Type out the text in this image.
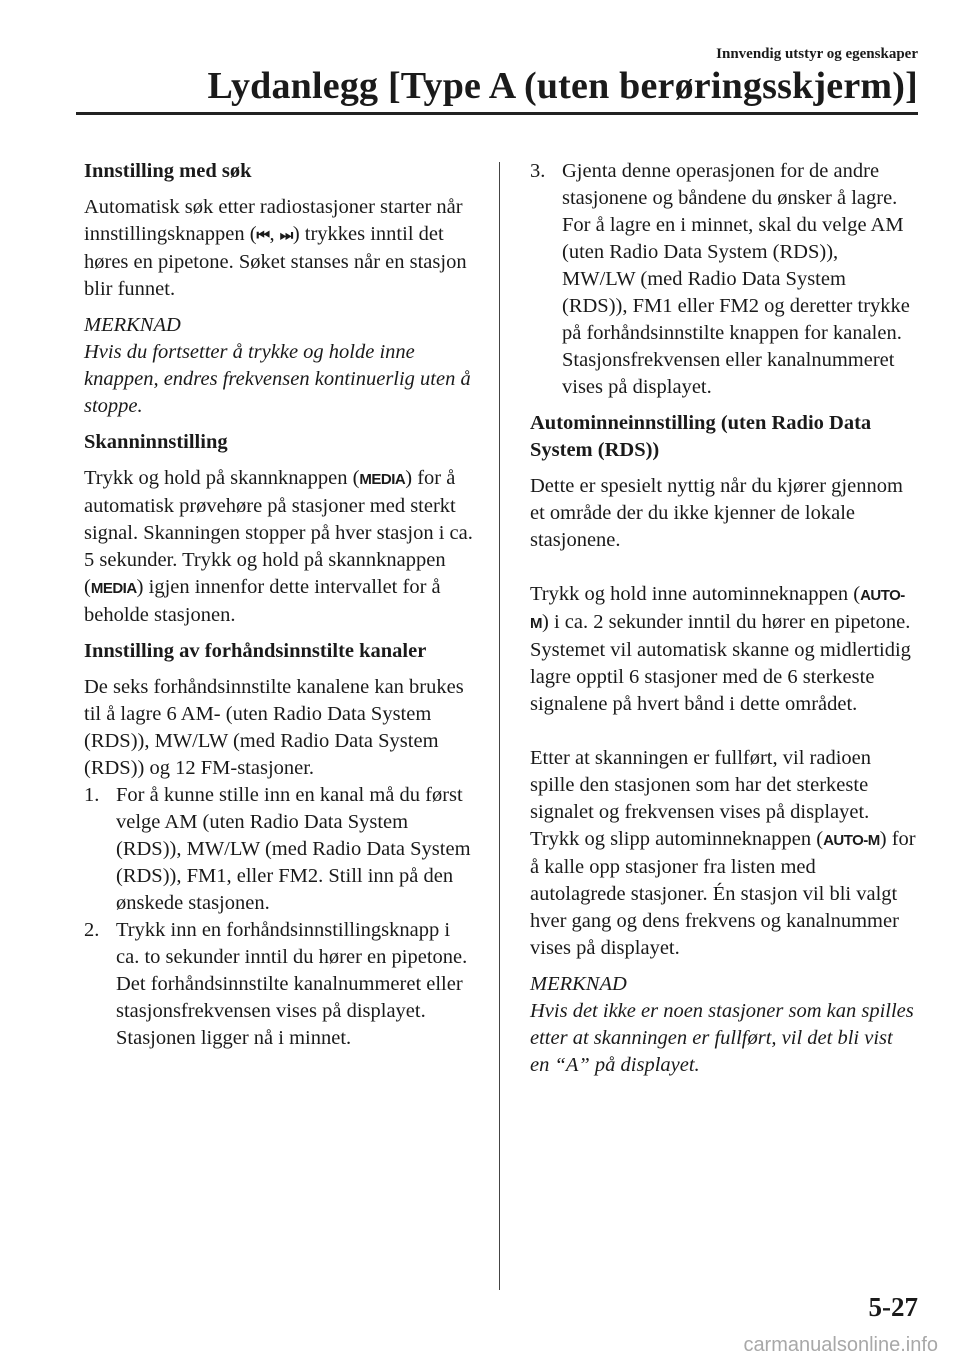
Innvendig utstyr og egenskaper
Lydanlegg [Type A (uten berøringsskjerm)]
Innstilling med søk
Automatisk søk etter radiostasjoner starter når innstillingsknappen (⏮, ⏭) trykkes inntil det høres en pipetone. Søket stanses når en stasjon blir funnet.
MERKNAD
Hvis du fortsetter å trykke og holde inne knappen, endres frekvensen kontinuerlig uten å stoppe.
Skanninnstilling
Trykk og hold på skannknappen (MEDIA) for å automatisk prøvehøre på stasjoner med sterkt signal. Skanningen stopper på hver stasjon i ca. 5 sekunder. Trykk og hold på skannknappen (MEDIA) igjen innenfor dette intervallet for å beholde stasjonen.
Innstilling av forhåndsinnstilte kanaler
De seks forhåndsinnstilte kanalene kan brukes til å lagre 6 AM- (uten Radio Data System (RDS)), MW/LW (med Radio Data System (RDS)) og 12 FM-stasjoner.
1. For å kunne stille inn en kanal må du først velge AM (uten Radio Data System (RDS)), MW/LW (med Radio Data System (RDS)), FM1, eller FM2. Still inn på den ønskede stasjonen.
2. Trykk inn en forhåndsinnstillingsknapp i ca. to sekunder inntil du hører en pipetone. Det forhåndsinnstilte kanalnummeret eller stasjonsfrekvensen vises på displayet. Stasjonen ligger nå i minnet.
3. Gjenta denne operasjonen for de andre stasjonene og båndene du ønsker å lagre. For å lagre en i minnet, skal du velge AM (uten Radio Data System (RDS)), MW/LW (med Radio Data System (RDS)), FM1 eller FM2 og deretter trykke på forhåndsinnstilte knappen for kanalen. Stasjonsfrekvensen eller kanalnummeret vises på displayet.
Autominneinnstilling (uten Radio Data System (RDS))
Dette er spesielt nyttig når du kjører gjennom et område der du ikke kjenner de lokale stasjonene.
Trykk og hold inne autominneknappen (AUTO-M) i ca. 2 sekunder inntil du hører en pipetone. Systemet vil automatisk skanne og midlertidig lagre opptil 6 stasjoner med de 6 sterkeste signalene på hvert bånd i dette området.
Etter at skanningen er fullført, vil radioen spille den stasjonen som har det sterkeste signalet og frekvensen vises på displayet. Trykk og slipp autominneknappen (AUTO-M) for å kalle opp stasjoner fra listen med autolagrede stasjoner. Én stasjon vil bli valgt hver gang og dens frekvens og kanalnummer vises på displayet.
MERKNAD
Hvis det ikke er noen stasjoner som kan spilles etter at skanningen er fullført, vil det bli vist en “A” på displayet.
5-27
carmanualsonline.info
